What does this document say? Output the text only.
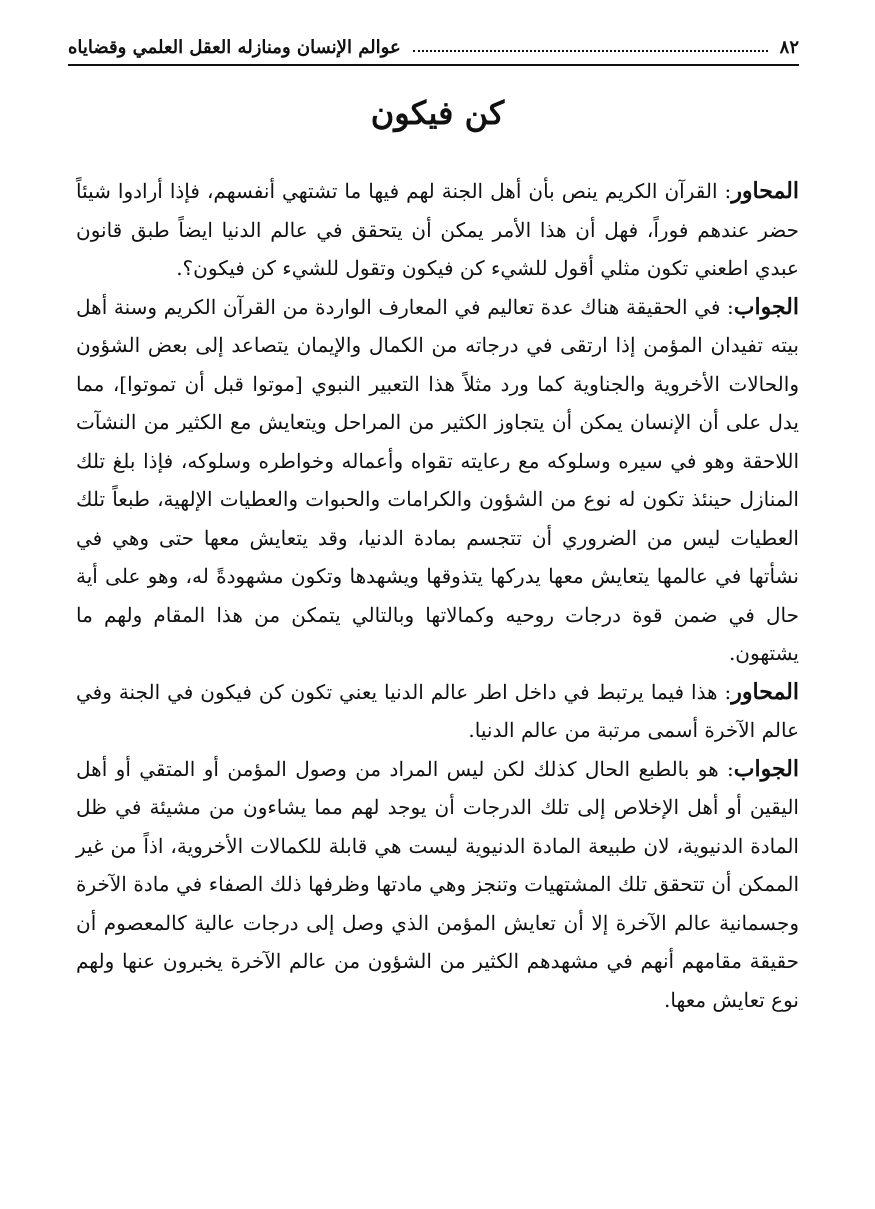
٨٢
عوالم الإنسان ومنازله العقل العلمي وقضاياه
كن فيكون

المحاور: القرآن الكريم ينص بأن أهل الجنة لهم فيها ما تشتهي أنفسهم، فإذا أرادوا شيئاً حضر عندهم فوراً، فهل أن هذا الأمر يمكن أن يتحقق في عالم الدنيا ايضاً طبق قانون عبدي اطعني تكون مثلي أقول للشيء كن فيكون وتقول للشيء كن فيكون؟.

الجواب: في الحقيقة هناك عدة تعاليم في المعارف الواردة من القرآن الكريم وسنة أهل بيته تفيدان المؤمن إذا ارتقى في درجاته من الكمال والإيمان يتصاعد إلى بعض الشؤون والحالات الأخروية والجناوية كما ورد مثلاً هذا التعبير النبوي [موتوا قبل أن تموتوا]، مما يدل على أن الإنسان يمكن أن يتجاوز الكثير من المراحل ويتعايش مع الكثير من النشآت اللاحقة وهو في سيره وسلوكه مع رعايته تقواه وأعماله وخواطره وسلوكه، فإذا بلغ تلك المنازل حينئذ تكون له نوع من الشؤون والكرامات والحبوات والعطيات الإلهية، طبعاً تلك العطيات ليس من الضروري أن تتجسم بمادة الدنيا، وقد يتعايش معها حتى وهي في نشأتها في عالمها يتعايش معها يدركها يتذوقها ويشهدها وتكون مشهودةً له، وهو على أية حال في ضمن قوة درجات روحيه وكمالاتها وبالتالي يتمكن من هذا المقام ولهم ما يشتهون.

المحاور: هذا فيما يرتبط في داخل اطر عالم الدنيا يعني تكون كن فيكون في الجنة وفي عالم الآخرة أسمى مرتبة من عالم الدنيا.

الجواب: هو بالطبع الحال كذلك لكن ليس المراد من وصول المؤمن أو المتقي أو أهل اليقين أو أهل الإخلاص إلى تلك الدرجات أن يوجد لهم مما يشاءون من مشيئة في ظل المادة الدنيوية، لان طبيعة المادة الدنيوية ليست هي قابلة للكمالات الأخروية، اذاً من غير الممكن أن تتحقق تلك المشتهيات وتنجز وهي مادتها وظرفها ذلك الصفاء في مادة الآخرة وجسمانية عالم الآخرة إلا أن تعايش المؤمن الذي وصل إلى درجات عالية كالمعصوم أن حقيقة مقامهم أنهم في مشهدهم الكثير من الشؤون من عالم الآخرة يخبرون عنها ولهم نوع تعايش معها.
